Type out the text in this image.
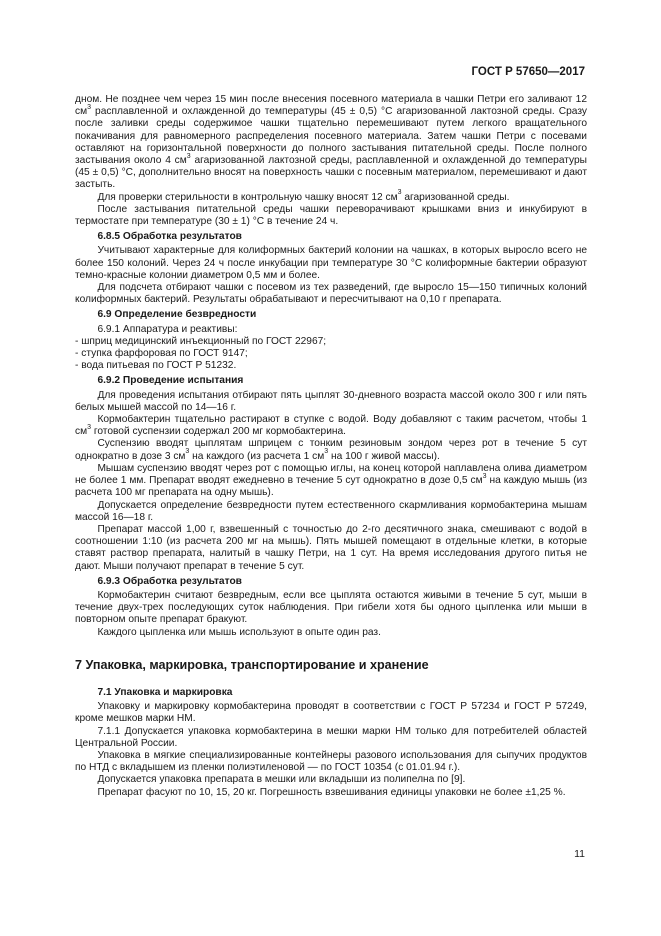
ГОСТ Р 57650—2017

дном. Не позднее чем через 15 мин после внесения посевного материала в чашки Петри его заливают 12 $см^3$ расплавленной и охлажденной до температуры (45 ± 0,5) °С агаризованной лактозной среды. Сразу после заливки среды содержимое чашки тщательно перемешивают путем легкого вращательного покачивания для равномерного распределения посевного материала. Затем чашки Петри с посевами оставляют на горизонтальной поверхности до полного застывания питательной среды. После полного застывания около 4 $см^3$ агаризованной лактозной среды, расплавленной и охлажденной до температуры (45 ± 0,5) °С, дополнительно вносят на поверхность чашки с посевным материалом, перемешивают и дают застыть.

Для проверки стерильности в контрольную чашку вносят 12 $см^3$ агаризованной среды.

После застывания питательной среды чашки переворачивают крышками вниз и инкубируют в термостате при температуре (30 ± 1) °С в течение 24 ч.

6.8.5 Обработка результатов

Учитывают характерные для колиформных бактерий колонии на чашках, в которых выросло всего не более 150 колоний. Через 24 ч после инкубации при температуре 30 °С колиформные бактерии образуют темно-красные колонии диаметром 0,5 мм и более.

Для подсчета отбирают чашки с посевом из тех разведений, где выросло 15—150 типичных колоний колиформных бактерий. Результаты обрабатывают и пересчитывают на 0,10 г препарата.

6.9 Определение безвредности

6.9.1 Аппаратура и реактивы:

- шприц медицинский инъекционный по ГОСТ 22967;

- ступка фарфоровая по ГОСТ 9147;

- вода питьевая по ГОСТ Р 51232.

6.9.2 Проведение испытания

Для проведения испытания отбирают пять цыплят 30-дневного возраста массой около 300 г или пять белых мышей массой по 14—16 г.

Кормобактерин тщательно растирают в ступке с водой. Воду добавляют с таким расчетом, чтобы 1 $см^3$ готовой суспензии содержал 200 мг кормобактерина.

Суспензию вводят цыплятам шприцем с тонким резиновым зондом через рот в течение 5 сут однократно в дозе 3 $см^3$ на каждого (из расчета 1 $см^3$ на 100 г живой массы).

Мышам суспензию вводят через рот с помощью иглы, на конец которой наплавлена олива диаметром не более 1 мм. Препарат вводят ежедневно в течение 5 сут однократно в дозе 0,5 $см^3$ на каждую мышь (из расчета 100 мг препарата на одну мышь).

Допускается определение безвредности путем естественного скармливания кормобактерина мышам массой 16—18 г.

Препарат массой 1,00 г, взвешенный с точностью до 2-го десятичного знака, смешивают с водой в соотношении 1:10 (из расчета 200 мг на мышь). Пять мышей помещают в отдельные клетки, в которые ставят раствор препарата, налитый в чашку Петри, на 1 сут. На время исследования другого питья не дают. Мыши получают препарат в течение 5 сут.

6.9.3 Обработка результатов

Кормобактерин считают безвредным, если все цыплята остаются живыми в течение 5 сут, мыши в течение двух-трех последующих суток наблюдения. При гибели хотя бы одного цыпленка или мыши в повторном опыте препарат бракуют.

Каждого цыпленка или мышь используют в опыте один раз.

7 Упаковка, маркировка, транспортирование и хранение

7.1 Упаковка и маркировка

Упаковку и маркировку кормобактерина проводят в соответствии с ГОСТ Р 57234 и ГОСТ Р 57249, кроме мешков марки НМ.

7.1.1 Допускается упаковка кормобактерина в мешки марки НМ только для потребителей областей Центральной России.

Упаковка в мягкие специализированные контейнеры разового использования для сыпучих продуктов по НТД с вкладышем из пленки полиэтиленовой — по ГОСТ 10354 (с 01.01.94 г.).

Допускается упаковка препарата в мешки или вкладыши из полипелна по [9].

Препарат фасуют по 10, 15, 20 кг. Погрешность взвешивания единицы упаковки не более ±1,25 %.

11
